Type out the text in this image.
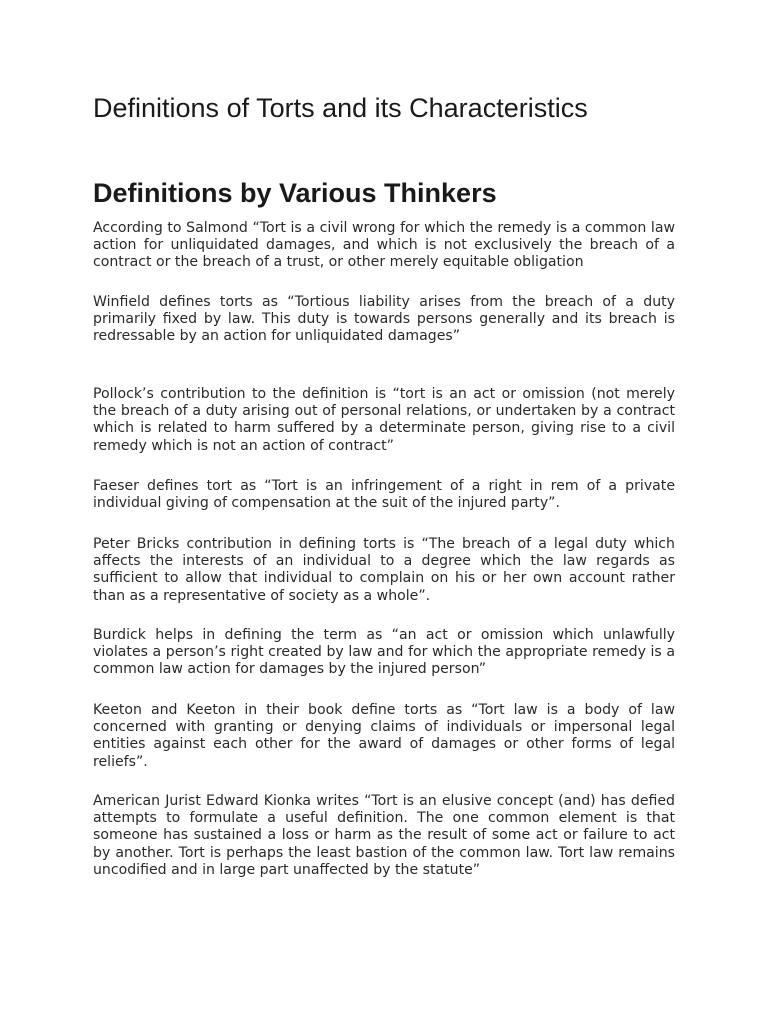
Definitions of Torts and its Characteristics
Definitions by Various Thinkers

According to Salmond “Tort is a civil wrong for which the remedy is a common law action for unliquidated damages, and which is not exclusively the breach of a contract or the breach of a trust, or other merely equitable obligation

Winfield defines torts as “Tortious liability arises from the breach of a duty primarily fixed by law. This duty is towards persons generally and its breach is redressable by an action for unliquidated damages”

Pollock’s contribution to the definition is “tort is an act or omission (not merely the breach of a duty arising out of personal relations, or undertaken by a contract which is related to harm suffered by a determinate person, giving rise to a civil remedy which is not an action of contract”

Faeser defines tort as “Tort is an infringement of a right in rem of a private individual giving of compensation at the suit of the injured party”.

Peter Bricks contribution in defining torts is “The breach of a legal duty which affects the interests of an individual to a degree which the law regards as sufficient to allow that individual to complain on his or her own account rather than as a representative of society as a whole”.

Burdick helps in defining the term as “an act or omission which unlawfully violates a person’s right created by law and for which the appropriate remedy is a common law action for damages by the injured person”

Keeton and Keeton in their book define torts as “Tort law is a body of law concerned with granting or denying claims of individuals or impersonal legal entities against each other for the award of damages or other forms of legal reliefs”.

American Jurist Edward Kionka writes “Tort is an elusive concept (and) has defied attempts to formulate a useful definition. The one common element is that someone has sustained a loss or harm as the result of some act or failure to act by another. Tort is perhaps the least bastion of the common law. Tort law remains uncodified and in large part unaffected by the statute”
